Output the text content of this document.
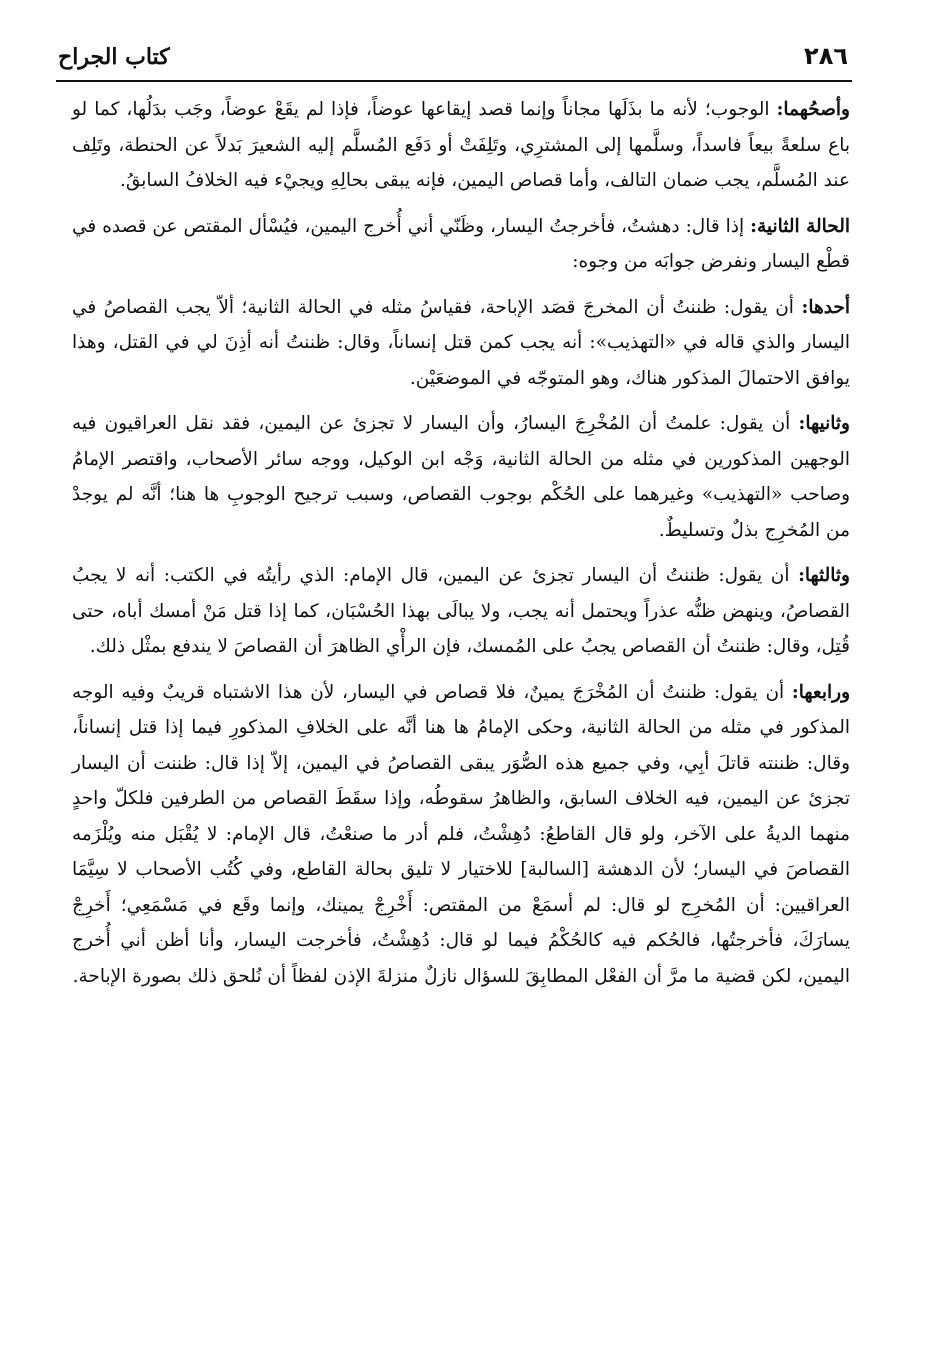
٢٨٦
كتاب الجراح

وأصحُهما: الوجوب؛ لأنه ما بذَلَها مجاناً وإنما قصد إيقاعها عوضاً، فإذا لم يقَعْ عوضاً، وجَب بدَلُها، كما لو باع سلعةً بيعاً فاسداً، وسلَّمها إلى المشترِي، وتَلِفَتْ أو دَفَع المُسلَّم إليه الشعيرَ بَدلاً عن الحنطة، وتَلِف عند المُسلَّم، يجب ضمان التالف، وأما قصاص اليمين، فإنه يبقى بحالِهِ ويجيْء فيه الخلافُ السابقُ.

الحالة الثانية: إذا قال: دهشتُ، فأخرجتُ اليسار، وظَنّي أني أُخرج اليمين، فيُسْأل المقتص عن قصده في قطْع اليسار ونفرض جوابَه من وجوه:

أحدها: أن يقول: ظننتُ أن المخرجَ قصَد الإباحة، فقياسُ مثله في الحالة الثانية؛ ألاّ يجب القصاصُ في اليسار والذي قاله في «التهذيب»: أنه يجب كمن قتل إنساناً، وقال: ظننتُ أنه أذِنَ لي في القتل، وهذا يوافق الاحتمالَ المذكور هناك، وهو المتوجّه في الموضعَيْن.

وثانيها: أن يقول: علمتُ أن المُخْرِجَ اليسارُ، وأن اليسار لا تجزئ عن اليمين، فقد نقل العراقيون فيه الوجهين المذكورين في مثله من الحالة الثانية، وَجْه ابن الوكيل، ووجه سائر الأصحاب، واقتصر الإمامُ وصاحب «التهذيب» وغيرهما على الحُكْم بوجوب القصاص، وسبب ترجيح الوجوبِ ها هنا؛ أنَّه لم يوجدْ من المُخرِج بذلٌ وتسليطٌ.

وثالثها: أن يقول: ظننتُ أن اليسار تجزئ عن اليمين، قال الإمام: الذي رأيتُه في الكتب: أنه لا يجبُ القصاصُ، وينهض ظنُّه عذراً ويحتمل أنه يجب، ولا يبالَى بهذا الحُسْبَان، كما إذا قتل مَنْ أمسك أباه، حتى قُتِل، وقال: ظننتُ أن القصاص يجبُ على المُمسك، فإن الرأْي الظاهرَ أن القصاصَ لا يندفع بمثْل ذلك.

ورابعها: أن يقول: ظننتُ أن المُخْرَجَ يمينٌ، فلا قصاص في اليسار، لأن هذا الاشتباه قريبٌ وفيه الوجه المذكور في مثله من الحالة الثانية، وحكى الإمامُ ها هنا أنَّه على الخلافِ المذكورِ فيما إذا قتل إنساناً، وقال: ظننته قاتلَ أبِي، وفي جميع هذه الصُّوَر يبقى القصاصُ في اليمين، إلاّ إذا قال: ظننت أن اليسار تجزئ عن اليمين، فيه الخلاف السابق، والظاهرُ سقوطُه، وإذا سقَطَ القصاص من الطرفين فلكلّ واحدٍ منهما الديةُ على الآخر، ولو قال القاطعُ: دُهِشْتُ، فلم أدر ما صنعْتُ، قال الإمام: لا يُقْبَل منه ويُلْزَمه القصاصَ في اليسار؛ لأن الدهشة [السالبة] للاختيار لا تليق بحالة القاطع، وفي كُتُب الأصحاب لا سِيَّمَا العراقيين: أن المُخرِج لو قال: لم أسمَعْ من المقتص: أَخْرِجْ يمينك، وإنما وقَع في مَسْمَعِي؛ أَخرِجْ يسارَكَ، فأخرجتُها، فالحُكم فيه كالحُكْمُ فيما لو قال: دُهِشْتُ، فأخرجت اليسار، وأنا أظن أني أُخرج اليمين، لكن قضية ما مرَّ أن الفعْل المطابِقَ للسؤال نازلٌ منزلةَ الإذن لفظاً أن نُلحق ذلك بصورة الإباحة.
